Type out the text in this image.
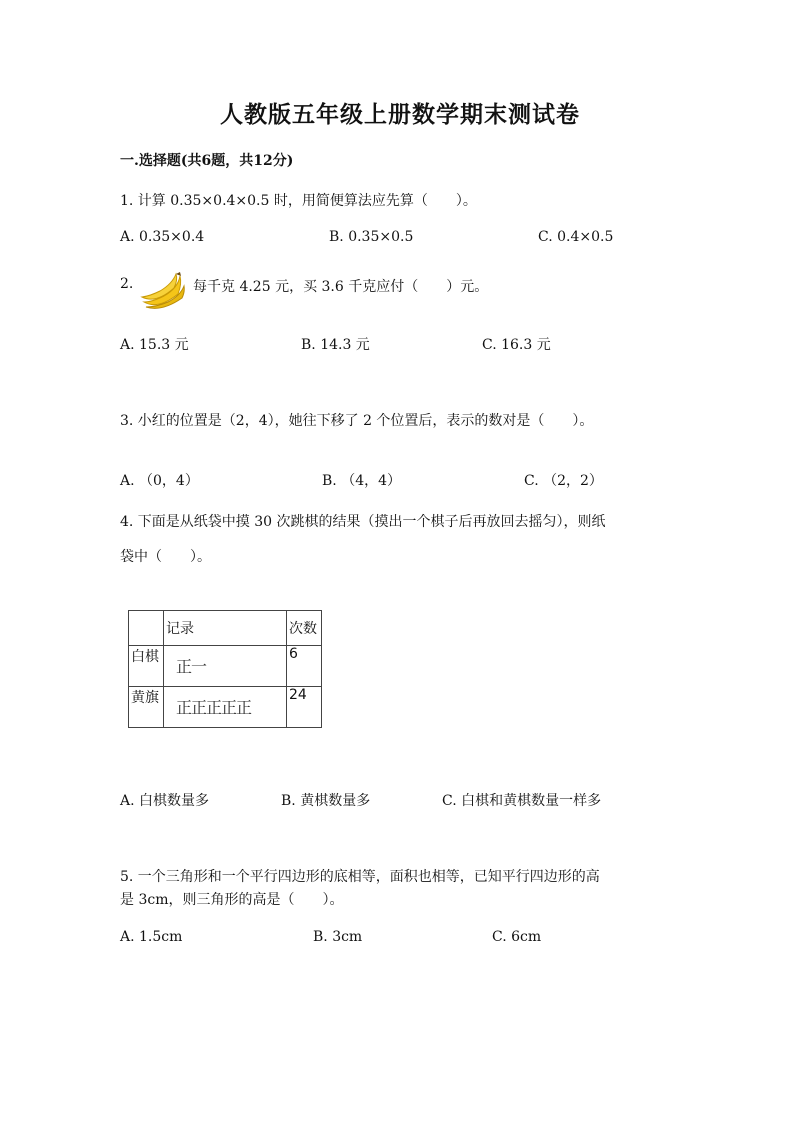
人教版五年级上册数学期末测试卷
一.选择题(共6题，共12分)
1. 计算 0.35×0.4×0.5 时，用简便算法应先算（　　）。
A. 0.35×0.4	B. 0.35×0.5	C. 0.4×0.5
2.	每千克 4.25 元，买 3.6 千克应付（　　）元。
A. 15.3 元	B. 14.3 元	C. 16.3 元
3. 小红的位置是（2，4），她往下移了 2 个位置后，表示的数对是（　　）。
A. （0，4）	B. （4，4）	C. （2，2）
4. 下面是从纸袋中摸 30 次跳棋的结果（摸出一个棋子后再放回去摇匀），则纸
袋中（　　）。
	记录	次数
白棋	正一	6
黄旗	正正正正正	24
A. 白棋数量多	B. 黄棋数量多	C. 白棋和黄棋数量一样多
5. 一个三角形和一个平行四边形的底相等，面积也相等，已知平行四边形的高
是 3cm，则三角形的高是（　　）。
A. 1.5cm	B. 3cm	C. 6cm
